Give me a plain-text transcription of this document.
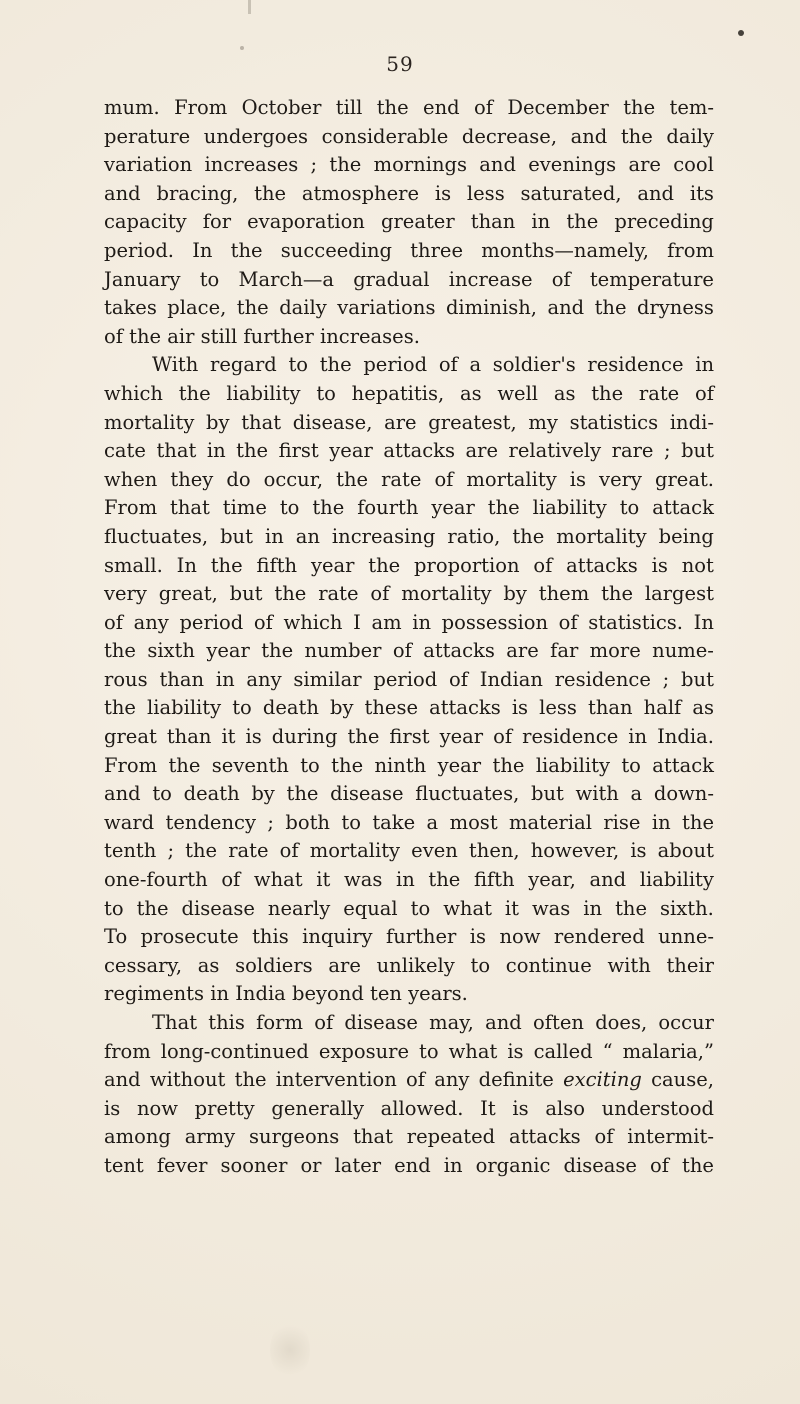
59
mum. From October till the end of December the tem-
perature undergoes considerable decrease, and the daily
variation increases ; the mornings and evenings are cool
and bracing, the atmosphere is less saturated, and its
capacity for evaporation greater than in the preceding
period. In the succeeding three months—namely, from
January to March—a gradual increase of temperature
takes place, the daily variations diminish, and the dryness
of the air still further increases.
With regard to the period of a soldier's residence in
which the liability to hepatitis, as well as the rate of
mortality by that disease, are greatest, my statistics indi-
cate that in the first year attacks are relatively rare ; but
when they do occur, the rate of mortality is very great.
From that time to the fourth year the liability to attack
fluctuates, but in an increasing ratio, the mortality being
small. In the fifth year the proportion of attacks is not
very great, but the rate of mortality by them the largest
of any period of which I am in possession of statistics. In
the sixth year the number of attacks are far more nume-
rous than in any similar period of Indian residence ; but
the liability to death by these attacks is less than half as
great than it is during the first year of residence in India.
From the seventh to the ninth year the liability to attack
and to death by the disease fluctuates, but with a down-
ward tendency ; both to take a most material rise in the
tenth ; the rate of mortality even then, however, is about
one-fourth of what it was in the fifth year, and liability
to the disease nearly equal to what it was in the sixth.
To prosecute this inquiry further is now rendered unne-
cessary, as soldiers are unlikely to continue with their
regiments in India beyond ten years.
That this form of disease may, and often does, occur
from long-continued exposure to what is called “ malaria,”
and without the intervention of any definite exciting cause,
is now pretty generally allowed. It is also understood
among army surgeons that repeated attacks of intermit-
tent fever sooner or later end in organic disease of the
